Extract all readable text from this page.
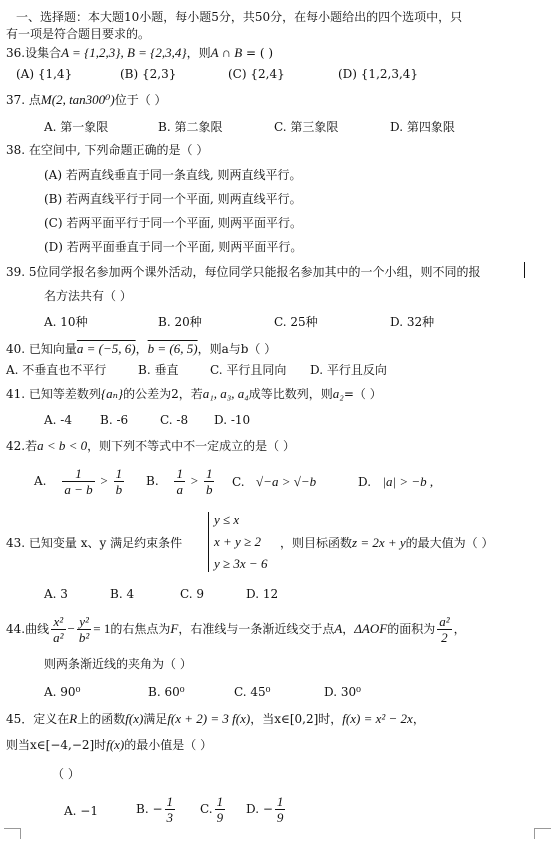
一、选择题：本大题10小题，每小题5分，共50分，在每小题给出的四个选项中，只
有一项是符合题目要求的。
36.设集合A = {1,2,3}, B = {2,3,4}，则A ∩ B = ( )
(A) {1,4}	(B) {2,3}	(C) {2,4}	(D) {1,2,3,4}
37. 点M(2, tan300⁰)位于（ ）
A. 第一象限	B. 第二象限	C. 第三象限	D. 第四象限
38. 在空间中, 下列命题正确的是（ ）
(A) 若两直线垂直于同一条直线, 则两直线平行。
(B) 若两直线平行于同一个平面, 则两直线平行。
(C) 若两平面平行于同一个平面, 则两平面平行。
(D) 若两平面垂直于同一个平面, 则两平面平行。
39. 5位同学报名参加两个课外活动，每位同学只能报名参加其中的一个小组，则不同的报
名方法共有（ ）
A. 10种	B. 20种	C. 25种	D. 32种
40. 已知向量a = (−5, 6)，b = (6, 5)，则a与b（ ）
A. 不垂直也不平行	B. 垂直	C. 平行且同向 D. 平行且反向
41. 已知等差数列{aₙ}的公差为2，若a₁, a₃, a₄成等比数列，则a₂=（ ）
A. -4 B. -6	C. -8 D. -10
42.若a < b < 0，则下列不等式中不一定成立的是（ ）
A. $\frac{1}{a - b} > \frac{1}{b} B$. $\frac{1}{a} > \frac{1}{b} C$. √−a > √−b	D. |a| > −b ,
43. 已知变量 x、y 满足约束条件
y ≤ x
x + y ≥ 2
y ≥ 3x − 6
，则目标函数z = 2x + y的最大值为（ ）
A. 3	B. 4	C. 9	D. 12
44.曲线 $\frac{\text{x²}}{\text{a²}} - \frac{\text{y²}}{\text{b²}} = 1$的右焦点为F，右准线与一条渐近线交于点A，ΔAOF的面积为 $\frac{\text{a²}}{2}$ ，
则两条渐近线的夹角为（ ）
A. 90⁰	B. 60⁰	C. 45⁰	D. 30⁰
45．定义在R上的函数f(x)满足f(x + 2) = 3 f(x)，当x∈[0,2]时，f(x) = x² − 2x，
则当x∈[−4,−2]时f(x)的最小值是（ ）
（ ）
A. −1	B. − $\frac{1}{3} C$. $\frac{1}{9} D$. − $\frac{1}{9}$
